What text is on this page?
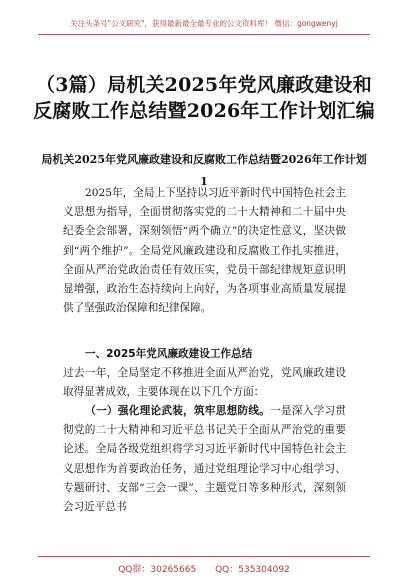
关注头条号"公文研究"，获得最新最全最专业的公文资料库！ 微信：gongwenyj
（3篇）局机关2025年党风廉政建设和反腐败工作总结暨2026年工作计划汇编
局机关2025年党风廉政建设和反腐败工作总结暨2026年工作计划1
2025年，全局上下坚持以习近平新时代中国特色社会主义思想为指导，全面贯彻落实党的二十大精神和二十届中央纪委全会部署，深刻领悟“两个确立”的决定性意义，坚决做到“两个维护”。全局党风廉政建设和反腐败工作扎实推进，全面从严治党政治责任有效压实，党员干部纪律规矩意识明显增强，政治生态持续向上向好，为各项事业高质量发展提供了坚强政治保障和纪律保障。
一、2025年党风廉政建设工作总结
过去一年，全局坚定不移推进全面从严治党，党风廉政建设取得显著成效，主要体现在以下几个方面：
（一）强化理论武装，筑牢思想防线。一是深入学习贯彻党的二十大精神和习近平总书记关于全面从严治党的重要论述。全局各级党组织将学习习近平新时代中国特色社会主义思想作为首要政治任务，通过党组理论学习中心组学习、专题研讨、支部“三会一课”、主题党日等多种形式，深刻领会习近平总书
QQ群：30265665 QQ：535304092
